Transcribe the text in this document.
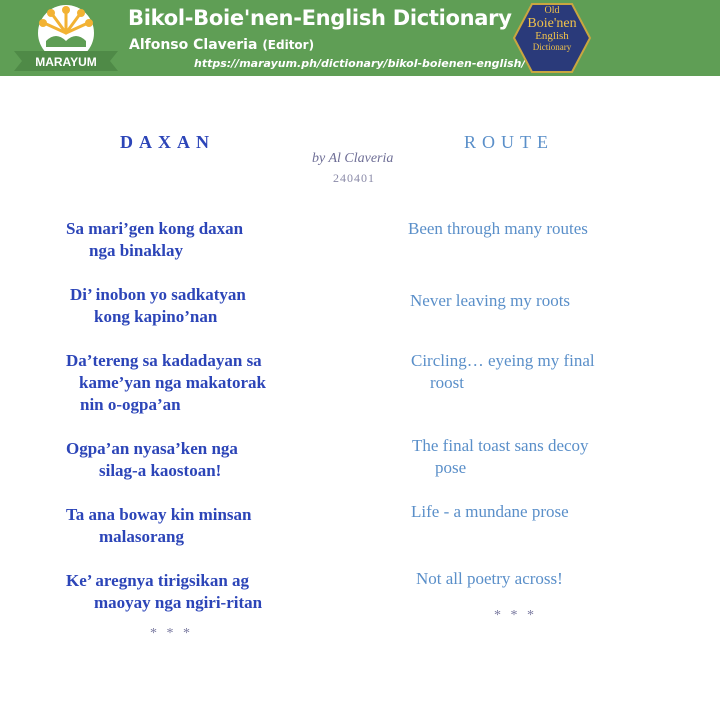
MARAYUM
Bikol-Boie'nen-English Dictionary
Alfonso Claveria (Editor)
https://marayum.ph/dictionary/bikol-boienen-english/
Old
Boie'nen
English
Dictionary
DAXAN	ROUTE
by Al Claveria
240401
Sa mari’gen kong daxan
nga binaklay
Di’ inobon yo sadkatyan
kong kapino’nan
Da’tereng sa kadadayan sa
kame’yan nga makatorak
nin o-ogpa’an
Ogpa’an nyasa’ken nga
silag-a kaostoan!
Ta ana boway kin minsan
malasorang
Ke’ aregnya tirigsikan ag
maoyay nga ngiri-ritan
* * *
Been through many routes
Never leaving my roots
Circling… eyeing my final
roost
The final toast sans decoy
pose
Life - a mundane prose
Not all poetry across!
* * *
